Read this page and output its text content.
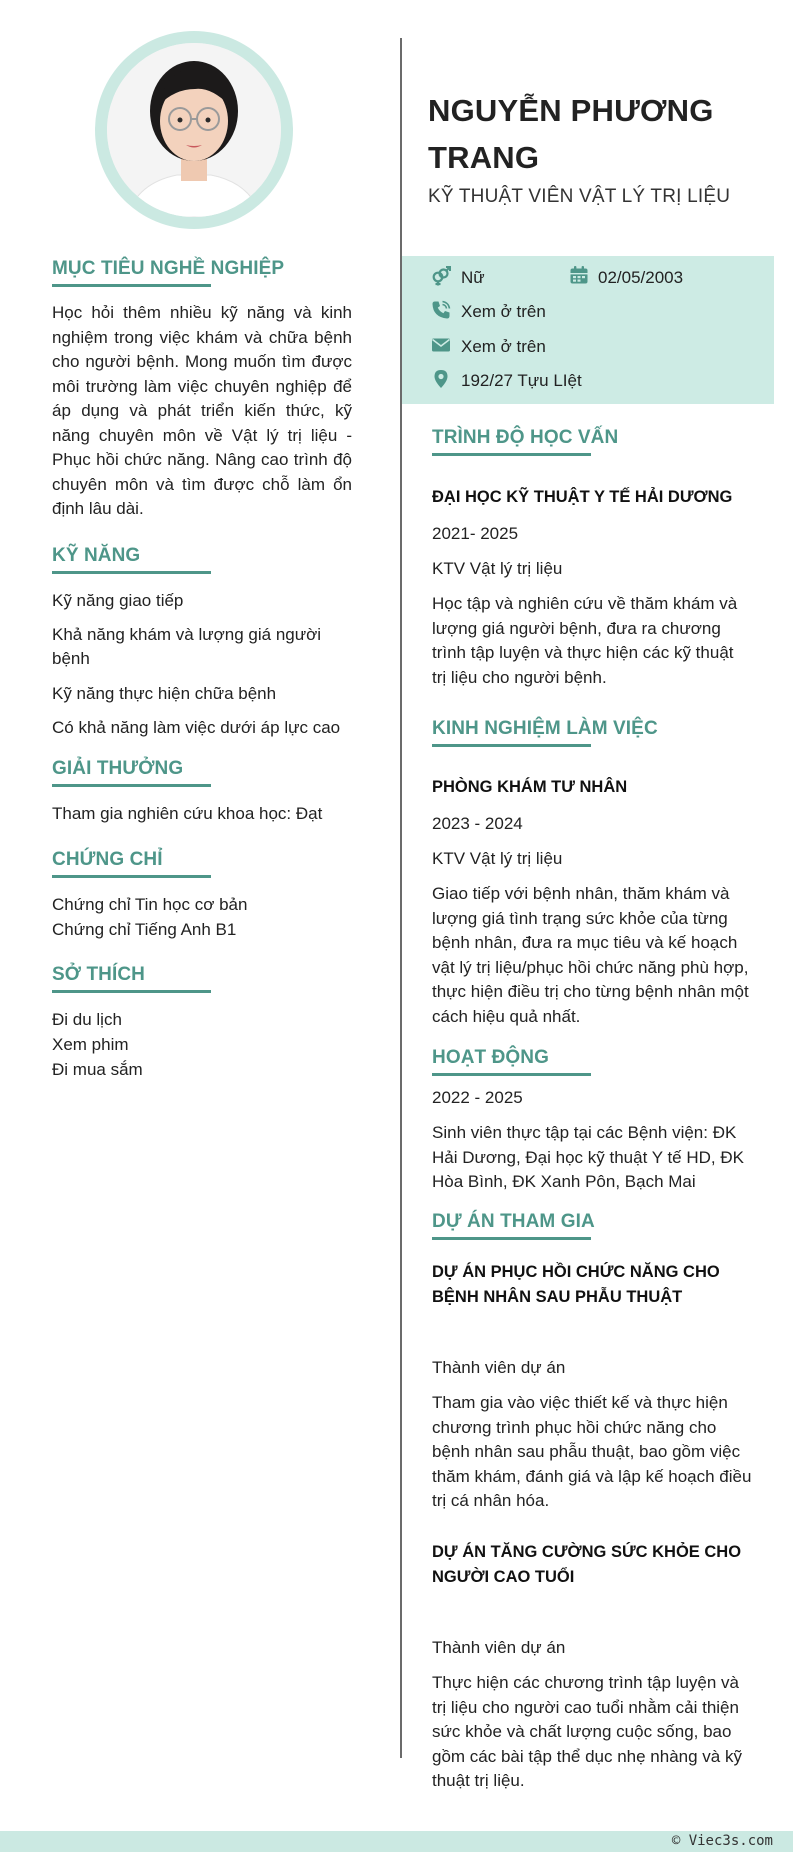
MỤC TIÊU NGHỀ NGHIỆP
Học hỏi thêm nhiều kỹ năng và kinh nghiệm trong việc khám và chữa bệnh cho người bệnh. Mong muốn tìm được môi trường làm việc chuyên nghiệp để áp dụng và phát triển kiến thức, kỹ năng chuyên môn về Vật lý trị liệu - Phục hồi chức năng. Nâng cao trình độ chuyên môn và tìm được chỗ làm ổn định lâu dài.
KỸ NĂNG
Kỹ năng giao tiếp
Khả năng khám và lượng giá người bệnh
Kỹ năng thực hiện chữa bệnh
Có khả năng làm việc dưới áp lực cao
GIẢI THƯỞNG
Tham gia nghiên cứu khoa học: Đạt
CHỨNG CHỈ
Chứng chỉ Tin học cơ bản
Chứng chỉ Tiếng Anh B1
SỞ THÍCH
Đi du lịch
Xem phim
Đi mua sắm
NGUYỄN PHƯƠNG TRANG
KỸ THUẬT VIÊN VẬT LÝ TRỊ LIỆU
Nữ	02/05/2003
Xem ở trên
Xem ở trên
192/27 Tựu LIệt
TRÌNH ĐỘ HỌC VẤN
ĐẠI HỌC KỸ THUẬT Y TẾ HẢI DƯƠNG
2021- 2025
KTV Vật lý trị liệu
Học tập và nghiên cứu về thăm khám và lượng giá người bệnh, đưa ra chương trình tập luyện và thực hiện các kỹ thuật trị liệu cho người bệnh.
KINH NGHIỆM LÀM VIỆC
PHÒNG KHÁM TƯ NHÂN
2023 - 2024
KTV Vật lý trị liệu
Giao tiếp với bệnh nhân, thăm khám và lượng giá tình trạng sức khỏe của từng bệnh nhân, đưa ra mục tiêu và kế hoạch vật lý trị liệu/phục hồi chức năng phù hợp, thực hiện điều trị cho từng bệnh nhân một cách hiệu quả nhất.
HOẠT ĐỘNG
2022 - 2025
Sinh viên thực tập tại các Bệnh viện: ĐK Hải Dương, Đại học kỹ thuật Y tế HD, ĐK Hòa Bình, ĐK Xanh Pôn, Bạch Mai
DỰ ÁN THAM GIA
DỰ ÁN PHỤC HỒI CHỨC NĂNG CHO BỆNH NHÂN SAU PHẪU THUẬT
Thành viên dự án
Tham gia vào việc thiết kế và thực hiện chương trình phục hồi chức năng cho bệnh nhân sau phẫu thuật, bao gồm việc thăm khám, đánh giá và lập kế hoạch điều trị cá nhân hóa.
DỰ ÁN TĂNG CƯỜNG SỨC KHỎE CHO NGƯỜI CAO TUỔI
Thành viên dự án
Thực hiện các chương trình tập luyện và trị liệu cho người cao tuổi nhằm cải thiện sức khỏe và chất lượng cuộc sống, bao gồm các bài tập thể dục nhẹ nhàng và kỹ thuật trị liệu.
© Viec3s.com
